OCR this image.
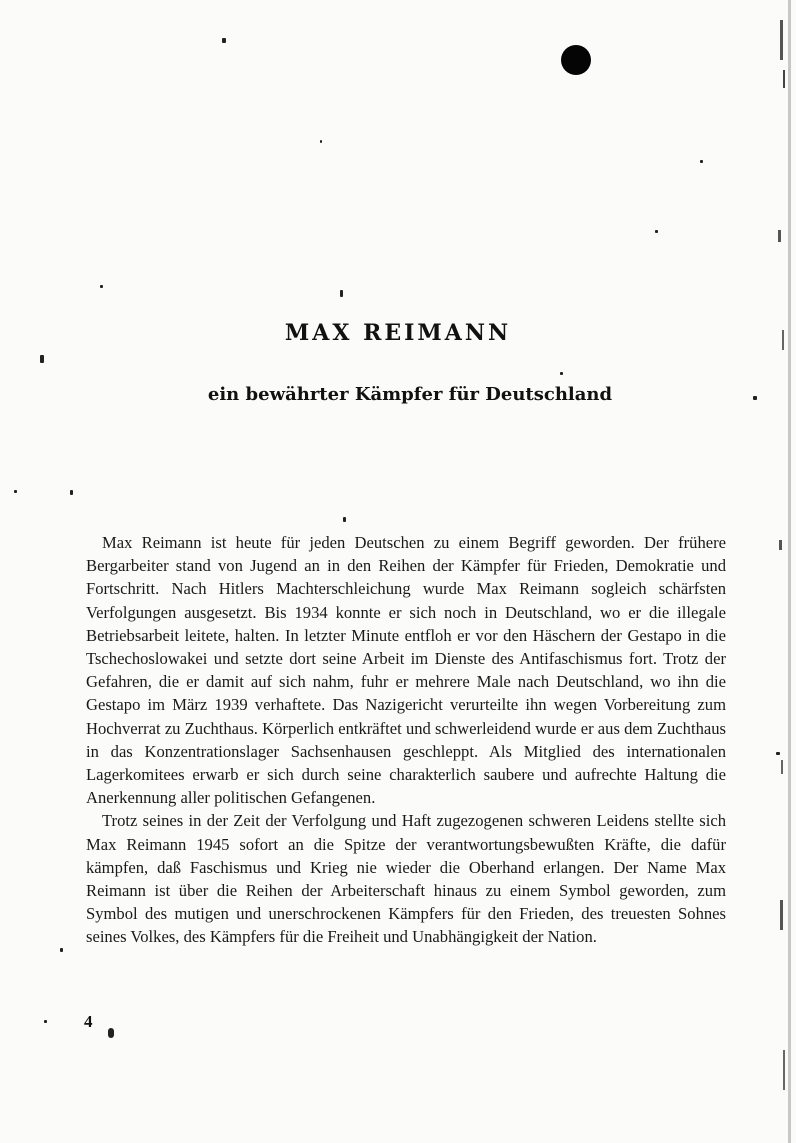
MAX REIMANN
ein bewährter Kämpfer für Deutschland

Max Reimann ist heute für jeden Deutschen zu einem Begriff geworden. Der frühere Bergarbeiter stand von Jugend an in den Reihen der Kämpfer für Frieden, Demokratie und Fortschritt. Nach Hitlers Machterschleichung wurde Max Reimann sogleich schärfsten Verfolgungen ausgesetzt. Bis 1934 konnte er sich noch in Deutschland, wo er die illegale Betriebsarbeit leitete, halten. In letzter Minute entfloh er vor den Häschern der Gestapo in die Tschechoslowakei und setzte dort seine Arbeit im Dienste des Antifaschismus fort. Trotz der Gefahren, die er damit auf sich nahm, fuhr er mehrere Male nach Deutschland, wo ihn die Gestapo im März 1939 verhaftete. Das Nazigericht verurteilte ihn wegen Vorbereitung zum Hochverrat zu Zuchthaus. Körperlich entkräftet und schwerleidend wurde er aus dem Zuchthaus in das Konzentrationslager Sachsenhausen geschleppt. Als Mitglied des internationalen Lagerkomitees erwarb er sich durch seine charakterlich saubere und aufrechte Haltung die Anerkennung aller politischen Gefangenen.

Trotz seines in der Zeit der Verfolgung und Haft zugezogenen schweren Leidens stellte sich Max Reimann 1945 sofort an die Spitze der verantwortungsbewußten Kräfte, die dafür kämpfen, daß Faschismus und Krieg nie wieder die Oberhand erlangen. Der Name Max Reimann ist über die Reihen der Arbeiterschaft hinaus zu einem Symbol geworden, zum Symbol des mutigen und unerschrockenen Kämpfers für den Frieden, des treuesten Sohnes seines Volkes, des Kämpfers für die Freiheit und Unabhängigkeit der Nation.

4
